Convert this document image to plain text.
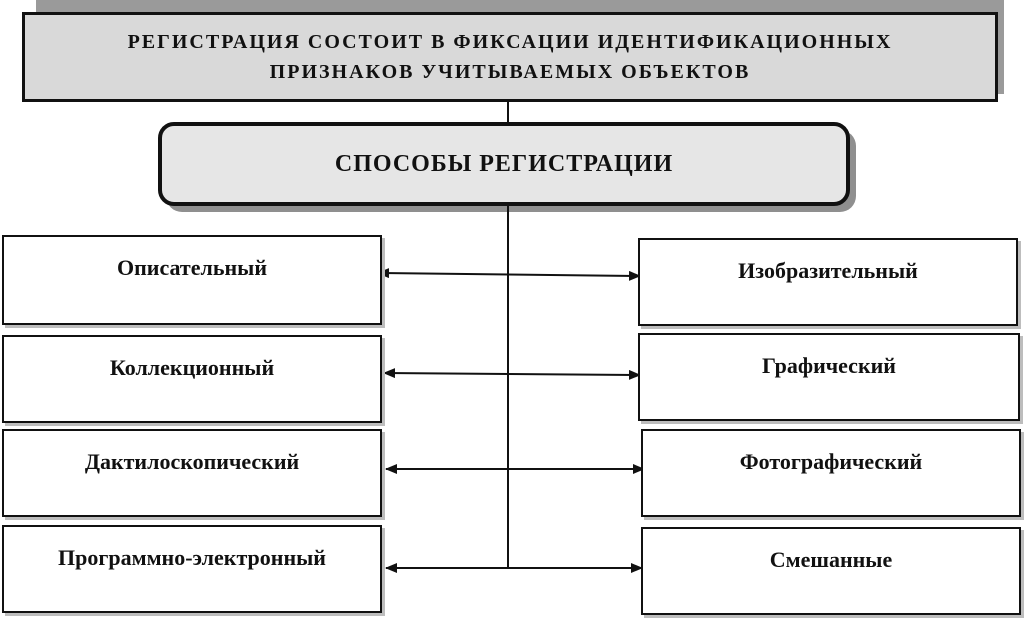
РЕГИСТРАЦИЯ СОСТОИТ В ФИКСАЦИИ ИДЕНТИФИКАЦИОННЫХ
ПРИЗНАКОВ УЧИТЫВАЕМЫХ ОБЪЕКТОВ
СПОСОБЫ РЕГИСТРАЦИИ
Описательный
Коллекционный
Дактилоскопический
Программно-электронный
Изобразительный
Графический
Фотографический
Смешанные
